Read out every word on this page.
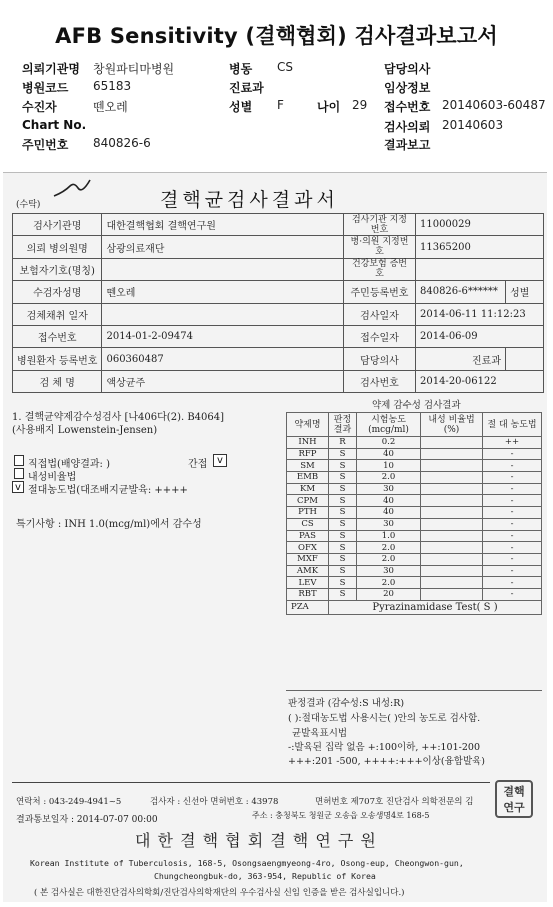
AFB Sensitivity (결핵협회) 검사결과보고서
의뢰기관명 창원파티마병원	병동 CS	담당의사
병원코드 65183	진료과	임상정보
수진자	뗀오레	성별 F	나이 29 접수번호 20140603-60487
Chart No.	검사의뢰 20140603
주민번호 840826-6	결과보고
(수탁)	결핵균검사결과서
검사기관명	대한결핵협회 결핵연구원	검사기관 지정번호	11000029	
의뢰 병의원명	삼광의료재단	병·의원 지정번호	11365200	
보험자기호(명칭)		건강보험 증번호		
수검자성명	뗀오레	주민등록번호	840826-6******	성별
검체채취 일자		검사일자	2014-06-11 11:12:23	
접수번호	2014-01-2-09474	접수일자	2014-06-09	
병원환자 등록번호	060360487	담당의사	진료과	
검 체 명	액상균주	검사번호	2014-20-06122	
1. 결핵균약제감수성검사 [나406다(2). B4064]
(사용배지 Lowenstein-Jensen)
직접법(배양결과: )	간접 v
내성비율법
v 절대농도법(대조배지균발육: ++++
특기사항 : INH 1.0(mcg/ml)에서 감수성
약제 감수성 검사결과
약제명	판정 결과	시험농도 (mcg/ml)	내성 비율법(%)	절 대 농도법
INH	R	0.2		++
RFP	S	40		-
SM	S	10		-
EMB	S	2.0		-
KM	S	30		-
CPM	S	40		-
PTH	S	40		-
CS	S	30		-
PAS	S	1.0		-
OFX	S	2.0		-
MXF	S	2.0		-
AMK	S	30		-
LEV	S	2.0		-
RBT	S	20		-
PZA	Pyrazinamidase Test( S )			
판정결과 (감수성:S 내성:R)
( ):절대농도법 사용시는( )안의 농도로 검사함.
균발육표시법
-:발육된 집락 없음 +:100이하, ++:101-200
+++:201 -500, ++++:+++이상(융합발육)
연락처 : 043-249-4941~5	검사자 : 신선아 면허번호 : 43978	면허번호 제707호 진단검사 의학전문의 김
결과통보일자 : 2014-07-07 00:00	주소 : 충청북도 청원군 오송읍 오송생명4로 168-5
대 한 결 핵 협 회 결 핵 연 구 원
결핵
연구
Korean Institute of Tuberculosis, 168-5, Osongsaengmyeong-4ro, Osong-eup, Cheongwon-gun,
Chungcheongbuk-do, 363-954, Republic of Korea
( 본 검사실은 대한진단검사의학회/진단검사의학재단의 우수검사실 신임 인증을 받은 검사실입니다.)
